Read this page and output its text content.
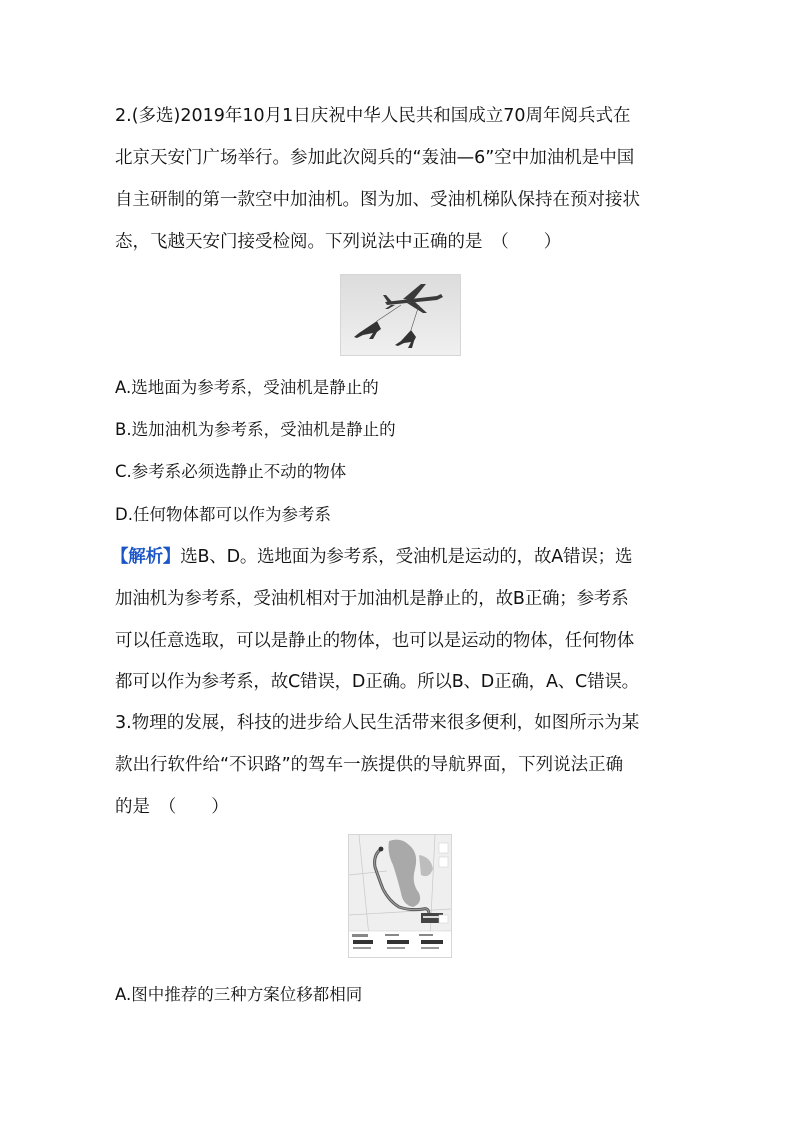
2.(多选)2019年10月1日庆祝中华人民共和国成立70周年阅兵式在
北京天安门广场举行。参加此次阅兵的“轰油—6”空中加油机是中国
自主研制的第一款空中加油机。图为加、受油机梯队保持在预对接状
态，飞越天安门接受检阅。下列说法中正确的是　（　　）
A.选地面为参考系，受油机是静止的
B.选加油机为参考系，受油机是静止的
C.参考系必须选静止不动的物体
D.任何物体都可以作为参考系
【解析】选B、D。选地面为参考系，受油机是运动的，故A错误；选
加油机为参考系，受油机相对于加油机是静止的，故B正确；参考系
可以任意选取，可以是静止的物体，也可以是运动的物体，任何物体
都可以作为参考系，故C错误，D正确。所以B、D正确，A、C错误。
3.物理的发展，科技的进步给人民生活带来很多便利，如图所示为某
款出行软件给“不识路”的驾车一族提供的导航界面，下列说法正确
的是　（　　）
A.图中推荐的三种方案位移都相同
